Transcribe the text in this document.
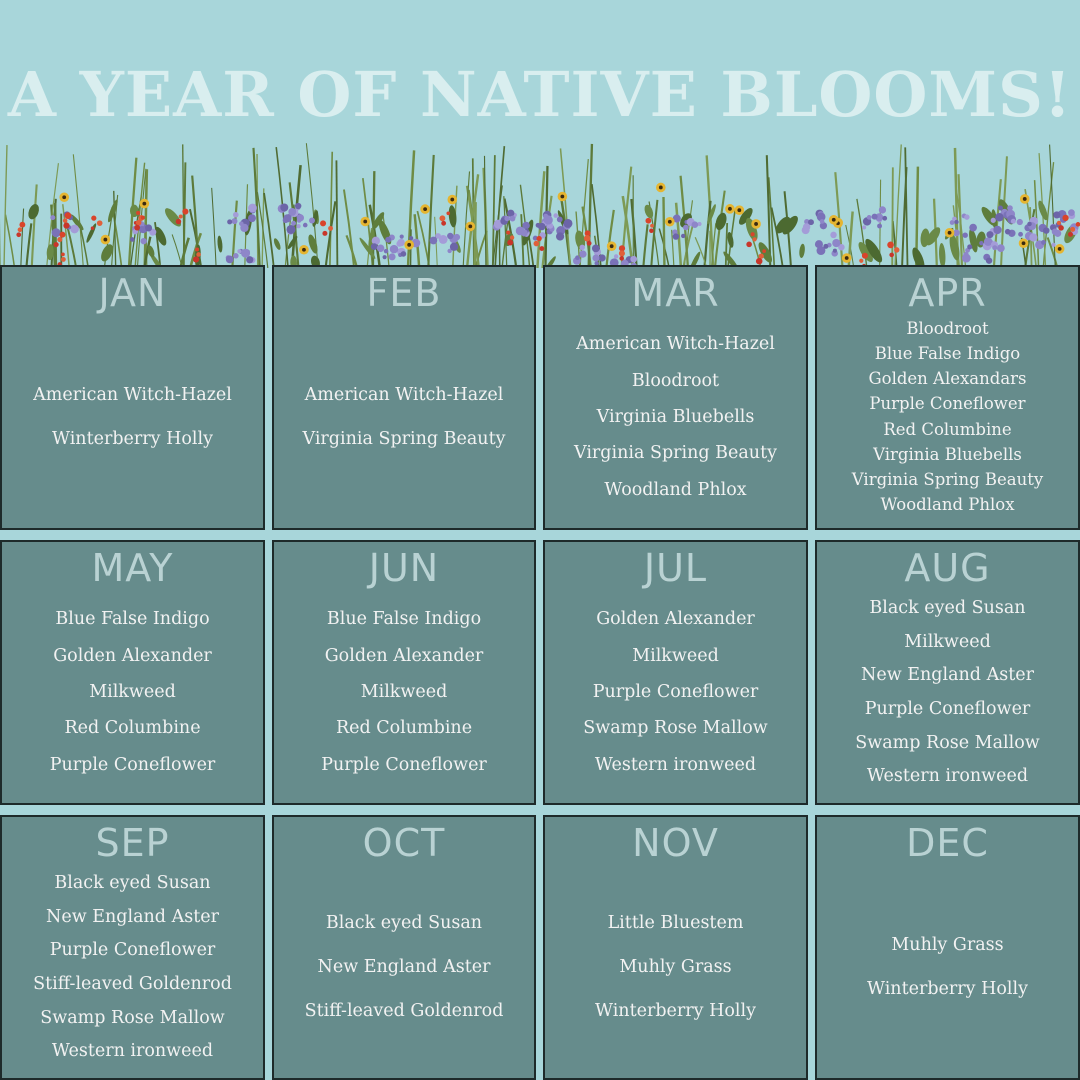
A YEAR OF NATIVE BLOOMS!
JAN
American Witch-Hazel
Winterberry Holly
FEB
American Witch-Hazel
Virginia Spring Beauty
MAR
American Witch-Hazel
Bloodroot
Virginia Bluebells
Virginia Spring Beauty
Woodland Phlox
APR
Bloodroot
Blue False Indigo
Golden Alexandars
Purple Coneflower
Red Columbine
Virginia Bluebells
Virginia Spring Beauty
Woodland Phlox
MAY
Blue False Indigo
Golden Alexander
Milkweed
Red Columbine
Purple Coneflower
JUN
Blue False Indigo
Golden Alexander
Milkweed
Red Columbine
Purple Coneflower
JUL
Golden Alexander
Milkweed
Purple Coneflower
Swamp Rose Mallow
Western ironweed
AUG
Black eyed Susan
Milkweed
New England Aster
Purple Coneflower
Swamp Rose Mallow
Western ironweed
SEP
Black eyed Susan
New England Aster
Purple Coneflower
Stiff-leaved Goldenrod
Swamp Rose Mallow
Western ironweed
OCT
Black eyed Susan
New England Aster
Stiff-leaved Goldenrod
NOV
Little Bluestem
Muhly Grass
Winterberry Holly
DEC
Muhly Grass
Winterberry Holly
